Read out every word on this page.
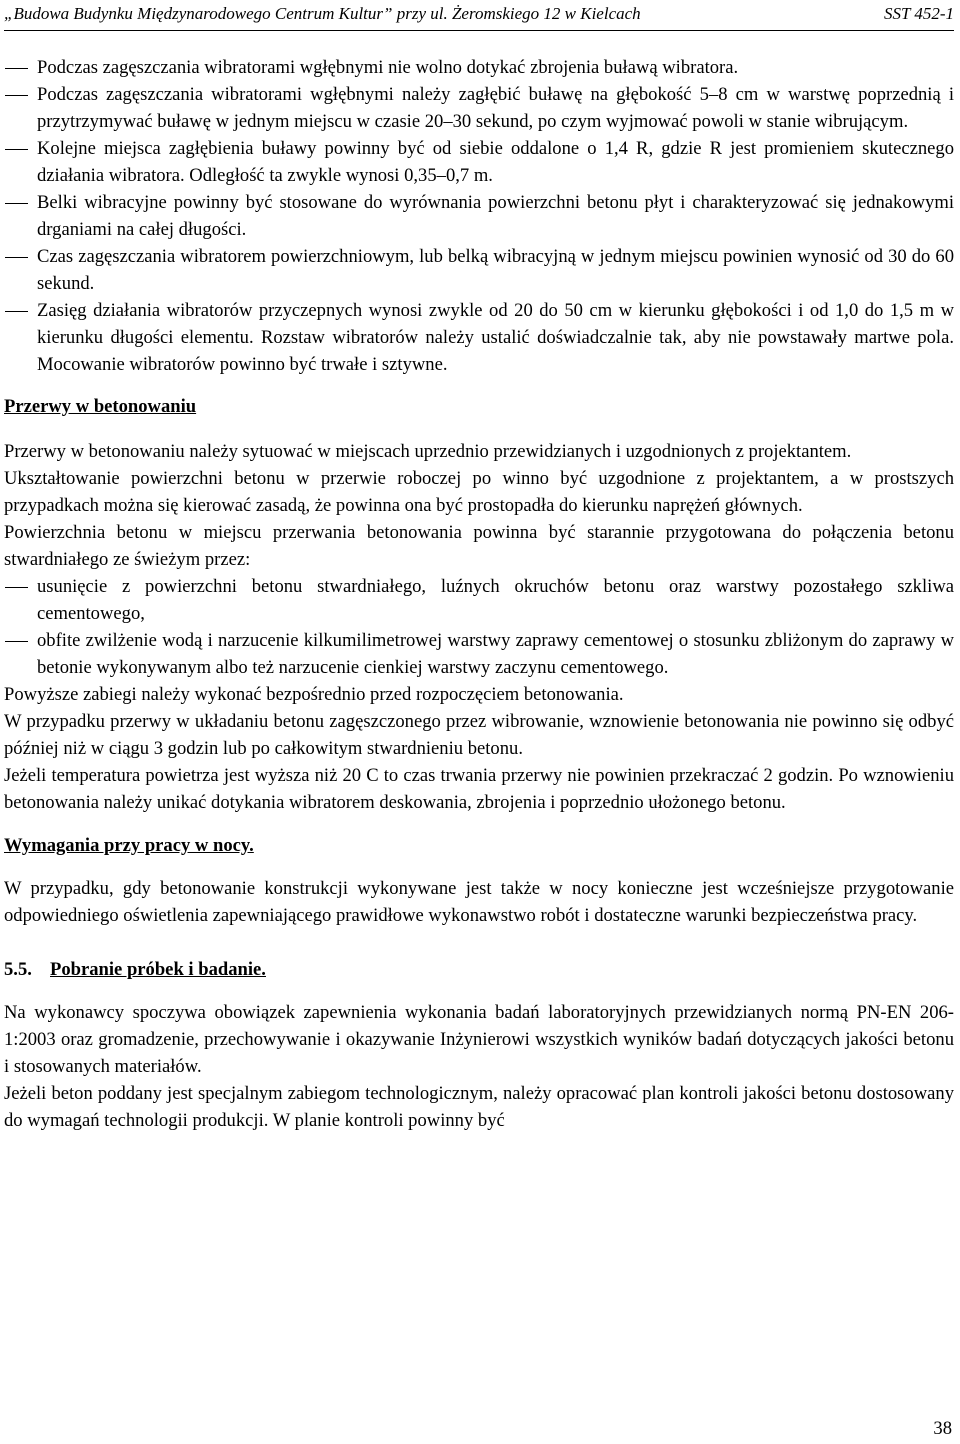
„Budowa Budynku Międzynarodowego Centrum Kultur” przy ul. Żeromskiego 12 w Kielcach	SST 452-1
Podczas zagęszczania wibratorami wgłębnymi nie wolno dotykać zbrojenia buławą wibratora.
Podczas zagęszczania wibratorami wgłębnymi należy zagłębić buławę na głębokość 5–8 cm w warstwę poprzednią i przytrzymywać buławę w jednym miejscu w czasie 20–30 sekund, po czym wyjmować powoli w stanie wibrującym.
Kolejne miejsca zagłębienia buławy powinny być od siebie oddalone o 1,4 R, gdzie R jest promieniem skutecznego działania wibratora. Odległość ta zwykle wynosi 0,35–0,7 m.
Belki wibracyjne powinny być stosowane do wyrównania powierzchni betonu płyt i charakteryzować się jednakowymi drganiami na całej długości.
Czas zagęszczania wibratorem powierzchniowym, lub belką wibracyjną w jednym miejscu powinien wynosić od 30 do 60 sekund.
Zasięg działania wibratorów przyczepnych wynosi zwykle od 20 do 50 cm w kierunku głębokości i od 1,0 do 1,5 m w kierunku długości elementu. Rozstaw wibratorów należy ustalić doświadczalnie tak, aby nie powstawały martwe pola. Mocowanie wibratorów powinno być trwałe i sztywne.

Przerwy w betonowaniu

Przerwy w betonowaniu należy sytuować w miejscach uprzednio przewidzianych i uzgodnionych z projektantem.

Ukształtowanie powierzchni betonu w przerwie roboczej po winno być uzgodnione z projektantem, a w prostszych przypadkach można się kierować zasadą, że powinna ona być prostopadła do kierunku naprężeń głównych.

Powierzchnia betonu w miejscu przerwania betonowania powinna być starannie przygotowana do połączenia betonu stwardniałego ze świeżym przez:

usunięcie z powierzchni betonu stwardniałego, luźnych okruchów betonu oraz warstwy pozostałego szkliwa cementowego,
obfite zwilżenie wodą i narzucenie kilkumilimetrowej warstwy zaprawy cementowej o stosunku zbliżonym do zaprawy w betonie wykonywanym albo też narzucenie cienkiej warstwy zaczynu cementowego.

Powyższe zabiegi należy wykonać bezpośrednio przed rozpoczęciem betonowania.

W przypadku przerwy w układaniu betonu zagęszczonego przez wibrowanie, wznowienie betonowania nie powinno się odbyć później niż w ciągu 3 godzin lub po całkowitym stwardnieniu betonu.

Jeżeli temperatura powietrza jest wyższa niż 20 C to czas trwania przerwy nie powinien przekraczać 2 godzin. Po wznowieniu betonowania należy unikać dotykania wibratorem deskowania, zbrojenia i poprzednio ułożonego betonu.

Wymagania przy pracy w nocy.

W przypadku, gdy betonowanie konstrukcji wykonywane jest także w nocy konieczne jest wcześniejsze przygotowanie odpowiedniego oświetlenia zapewniającego prawidłowe wykonawstwo robót i dostateczne warunki bezpieczeństwa pracy.

5.5. Pobranie próbek i badanie.

Na wykonawcy spoczywa obowiązek zapewnienia wykonania badań laboratoryjnych przewidzianych normą PN-EN 206-1:2003 oraz gromadzenie, przechowywanie i okazywanie Inżynierowi wszystkich wyników badań dotyczących jakości betonu i stosowanych materiałów.

Jeżeli beton poddany jest specjalnym zabiegom technologicznym, należy opracować plan kontroli jakości betonu dostosowany do wymagań technologii produkcji. W planie kontroli powinny być

38
